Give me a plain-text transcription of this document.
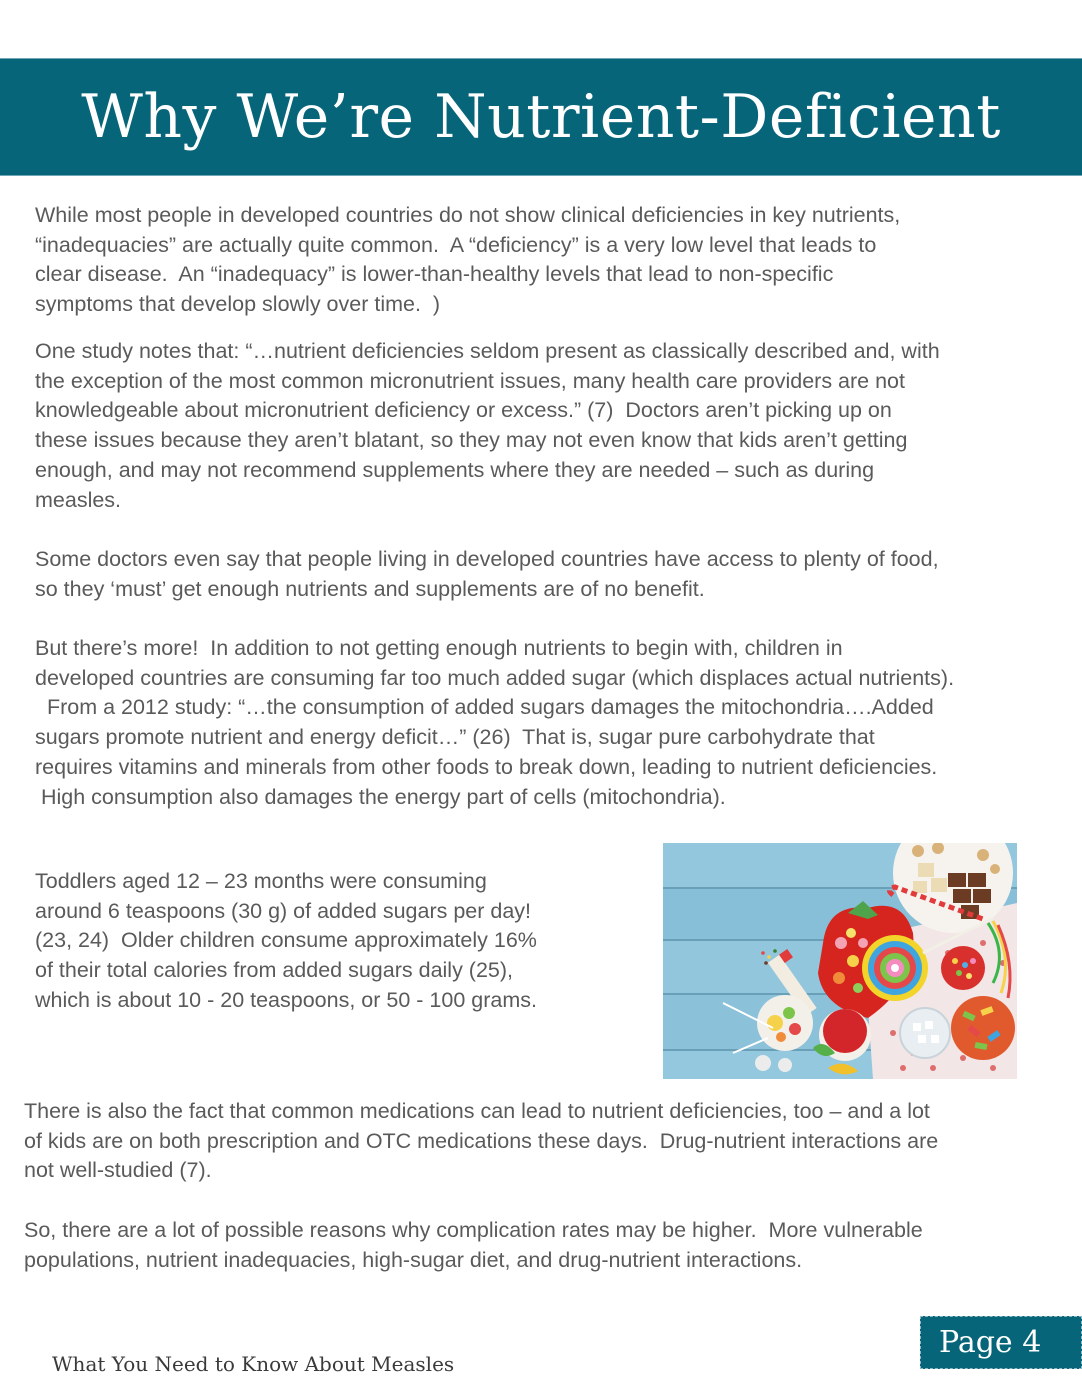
Why We’re Nutrient-Deficient

While most people in developed countries do not show clinical deficiencies in key nutrients,
“inadequacies” are actually quite common.  A “deficiency” is a very low level that leads to
clear disease.  An “inadequacy” is lower-than-healthy levels that lead to non-specific
symptoms that develop slowly over time.  )

One study notes that: “…nutrient deficiencies seldom present as classically described and, with
the exception of the most common micronutrient issues, many health care providers are not
knowledgeable about micronutrient deficiency or excess.” (7)  Doctors aren’t picking up on
these issues because they aren’t blatant, so they may not even know that kids aren’t getting
enough, and may not recommend supplements where they are needed – such as during
measles.

Some doctors even say that people living in developed countries have access to plenty of food,
so they ‘must’ get enough nutrients and supplements are of no benefit.

But there’s more!  In addition to not getting enough nutrients to begin with, children in
developed countries are consuming far too much added sugar (which displaces actual nutrients).
From a 2012 study: “…the consumption of added sugars damages the mitochondria….Added
sugars promote nutrient and energy deficit…” (26)  That is, sugar pure carbohydrate that
requires vitamins and minerals from other foods to break down, leading to nutrient deficiencies.
High consumption also damages the energy part of cells (mitochondria).

Toddlers aged 12 – 23 months were consuming
around 6 teaspoons (30 g) of added sugars per day!
(23, 24)  Older children consume approximately 16%
of their total calories from added sugars daily (25),
which is about 10 - 20 teaspoons, or 50 - 100 grams.

There is also the fact that common medications can lead to nutrient deficiencies, too – and a lot
of kids are on both prescription and OTC medications these days.  Drug-nutrient interactions are
not well-studied (7).

So, there are a lot of possible reasons why complication rates may be higher.  More vulnerable
populations, nutrient inadequacies, high-sugar diet, and drug-nutrient interactions.

What You Need to Know About Measles

Page 4
